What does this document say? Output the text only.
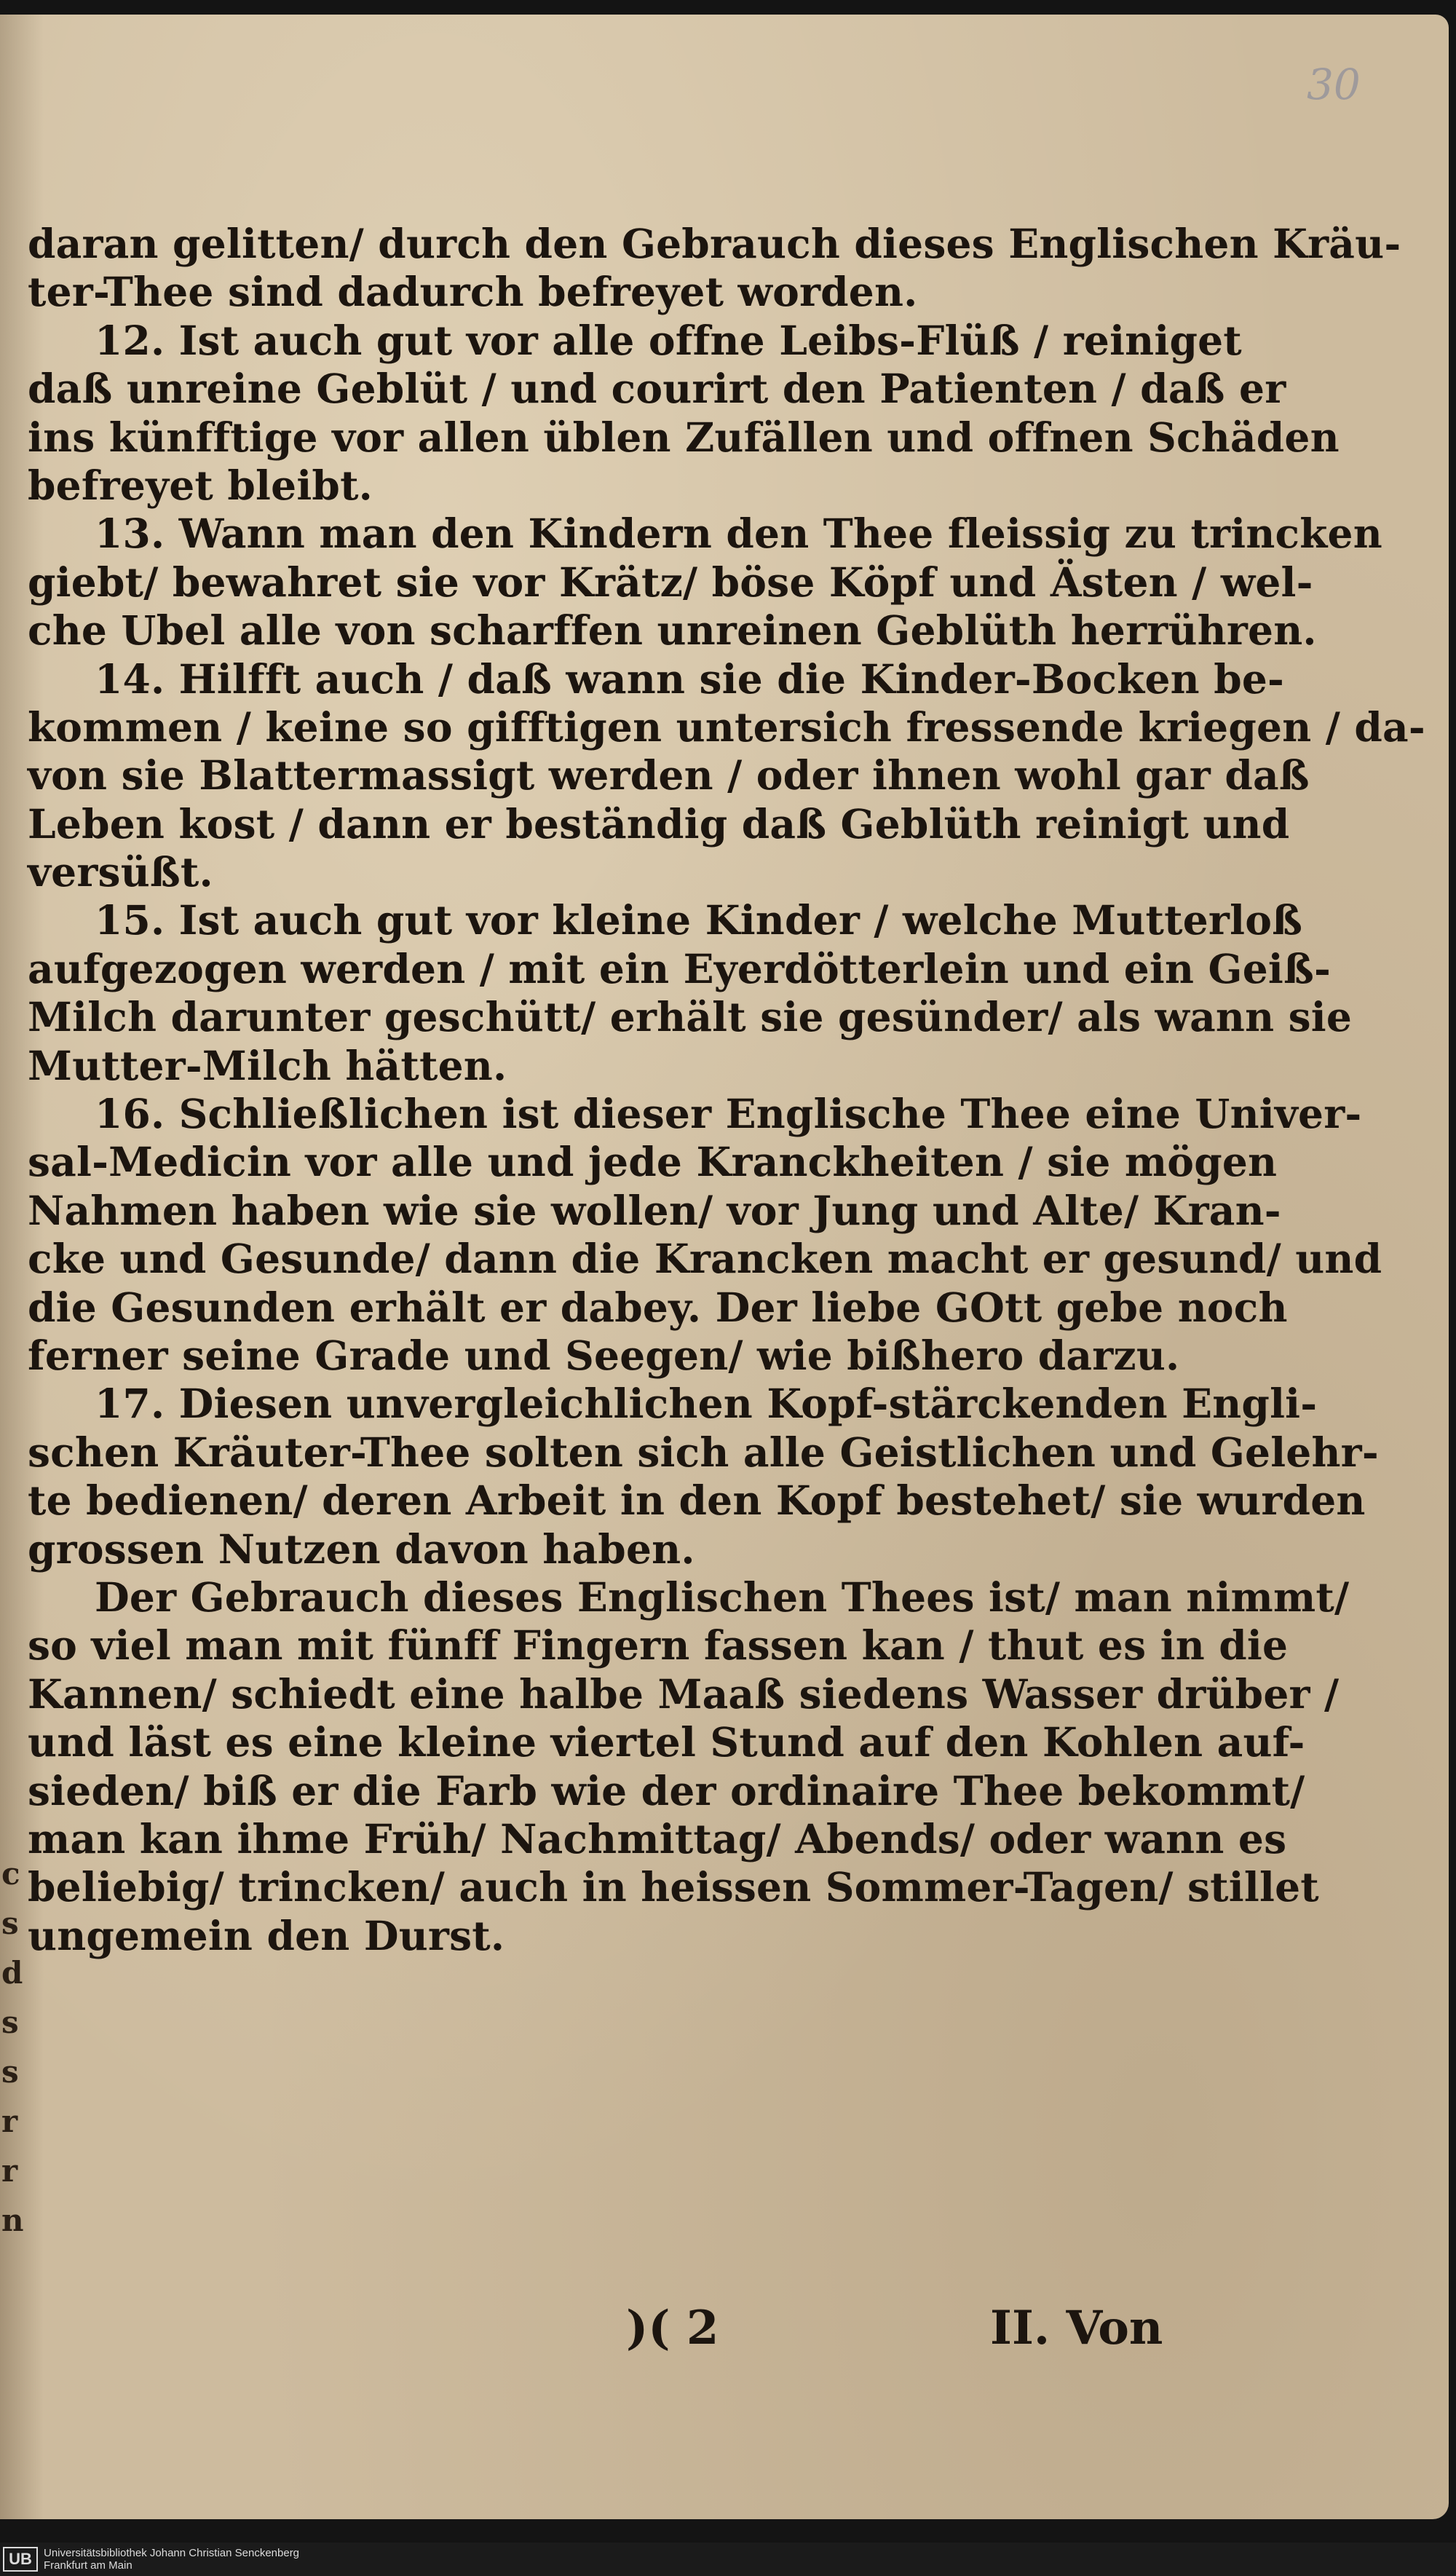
30
daran gelitten/ durch den Gebrauch dieses Englischen Kräu-
ter-Thee sind dadurch befreyet worden.
12. Ist auch gut vor alle offne Leibs-Flüß / reiniget
daß unreine Geblüt / und courirt den Patienten / daß er
ins künfftige vor allen üblen Zufällen und offnen Schäden
befreyet bleibt.
13. Wann man den Kindern den Thee fleissig zu trincken
giebt/ bewahret sie vor Krätz/ böse Köpf und Ästen / wel-
che Ubel alle von scharffen unreinen Geblüth herrühren.
14. Hilfft auch / daß wann sie die Kinder-Bocken be-
kommen / keine so gifftigen untersich fressende kriegen / da-
von sie Blattermassigt werden / oder ihnen wohl gar daß
Leben kost / dann er beständig daß Geblüth reinigt und
versüßt.
15. Ist auch gut vor kleine Kinder / welche Mutterloß
aufgezogen werden / mit ein Eyerdötterlein und ein Geiß-
Milch darunter geschütt/ erhält sie gesünder/ als wann sie
Mutter-Milch hätten.
16. Schließlichen ist dieser Englische Thee eine Univer-
sal-Medicin vor alle und jede Kranckheiten / sie mögen
Nahmen haben wie sie wollen/ vor Jung und Alte/ Kran-
cke und Gesunde/ dann die Krancken macht er gesund/ und
die Gesunden erhält er dabey. Der liebe GOtt gebe noch
ferner seine Grade und Seegen/ wie bißhero darzu.
17. Diesen unvergleichlichen Kopf-stärckenden Engli-
schen Kräuter-Thee solten sich alle Geistlichen und Gelehr-
te bedienen/ deren Arbeit in den Kopf bestehet/ sie wurden
grossen Nutzen davon haben.
Der Gebrauch dieses Englischen Thees ist/ man nimmt/
so viel man mit fünff Fingern fassen kan / thut es in die
Kannen/ schiedt eine halbe Maaß siedens Wasser drüber /
und läst es eine kleine viertel Stund auf den Kohlen auf-
sieden/ biß er die Farb wie der ordinaire Thee bekommt/
man kan ihme Früh/ Nachmittag/ Abends/ oder wann es
beliebig/ trincken/ auch in heissen Sommer-Tagen/ stillet
ungemein den Durst.
c
s
d
s
s
r
r
n
)( 2	II. Von
UB	Universitätsbibliothek Johann Christian Senckenberg
Frankfurt am Main
